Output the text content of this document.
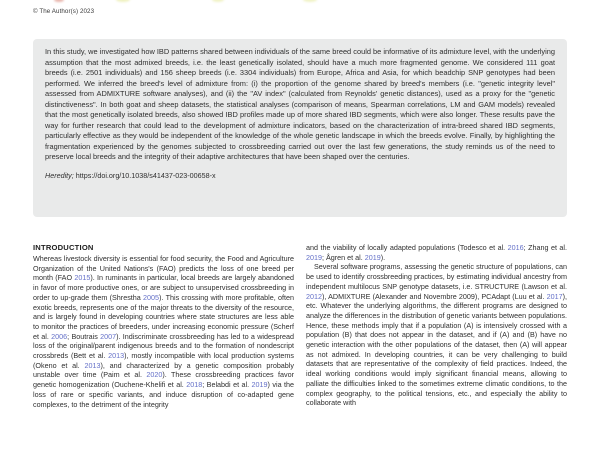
© The Author(s) 2023

In this study, we investigated how IBD patterns shared between individuals of the same breed could be informative of its admixture level, with the underlying assumption that the most admixed breeds, i.e. the least genetically isolated, should have a much more fragmented genome. We considered 111 goat breeds (i.e. 2501 individuals) and 156 sheep breeds (i.e. 3304 individuals) from Europe, Africa and Asia, for which beadchip SNP genotypes had been performed. We inferred the breed's level of admixture from: (i) the proportion of the genome shared by breed's members (i.e. "genetic integrity level" assessed from ADMIXTURE software analyses), and (ii) the "AV index" (calculated from Reynolds' genetic distances), used as a proxy for the "genetic distinctiveness". In both goat and sheep datasets, the statistical analyses (comparison of means, Spearman correlations, LM and GAM models) revealed that the most genetically isolated breeds, also showed IBD profiles made up of more shared IBD segments, which were also longer. These results pave the way for further research that could lead to the development of admixture indicators, based on the characterization of intra-breed shared IBD segments, particularly effective as they would be independent of the knowledge of the whole genetic landscape in which the breeds evolve. Finally, by highlighting the fragmentation experienced by the genomes subjected to crossbreeding carried out over the last few generations, the study reminds us of the need to preserve local breeds and the integrity of their adaptive architectures that have been shaped over the centuries.

Heredity; https://doi.org/10.1038/s41437-023-00658-x

INTRODUCTION

Whereas livestock diversity is essential for food security, the Food and Agriculture Organization of the United Nations's (FAO) predicts the loss of one breed per month (FAO 2015). In ruminants in particular, local breeds are largely abandoned in favor of more productive ones, or are subject to unsupervised crossbreeding in order to up-grade them (Shrestha 2005). This crossing with more profitable, often exotic breeds, represents one of the major threats to the diversity of the resource, and is largely found in developing countries where state structures are less able to monitor the practices of breeders, under increasing economic pressure (Scherf et al. 2006; Boutrais 2007). Indiscriminate crossbreeding has led to a widespread loss of the original/parent indigenous breeds and to the formation of nondescript crossbreds (Bett et al. 2013), mostly incompatible with local production systems (Okeno et al. 2013), and characterized by a genetic composition probably unstable over time (Paim et al. 2020). These crossbreeding practices favor genetic homogenization (Ouchene-Khelifi et al. 2018; Belabdi et al. 2019) via the loss of rare or specific variants, and induce disruption of co-adapted gene complexes, to the detriment of the integrity

and the viability of locally adapted populations (Todesco et al. 2016; Zhang et al. 2019; Ågren et al. 2019).

Several software programs, assessing the genetic structure of populations, can be used to identify crossbreeding practices, by estimating individual ancestry from independent multilocus SNP genotype datasets, i.e. STRUCTURE (Lawson et al. 2012), ADMIXTURE (Alexander and Novembre 2009), PCAdapt (Luu et al. 2017), etc. Whatever the underlying algorithms, the different programs are designed to analyze the differences in the distribution of genetic variants between populations. Hence, these methods imply that if a population (A) is intensively crossed with a population (B) that does not appear in the dataset, and if (A) and (B) have no genetic interaction with the other populations of the dataset, then (A) will appear as not admixed. In developing countries, it can be very challenging to build datasets that are representative of the complexity of field practices. Indeed, the ideal working conditions would imply significant financial means, allowing to palliate the difficulties linked to the sometimes extreme climatic conditions, to the complex geography, to the political tensions, etc., and especially the ability to collaborate with
